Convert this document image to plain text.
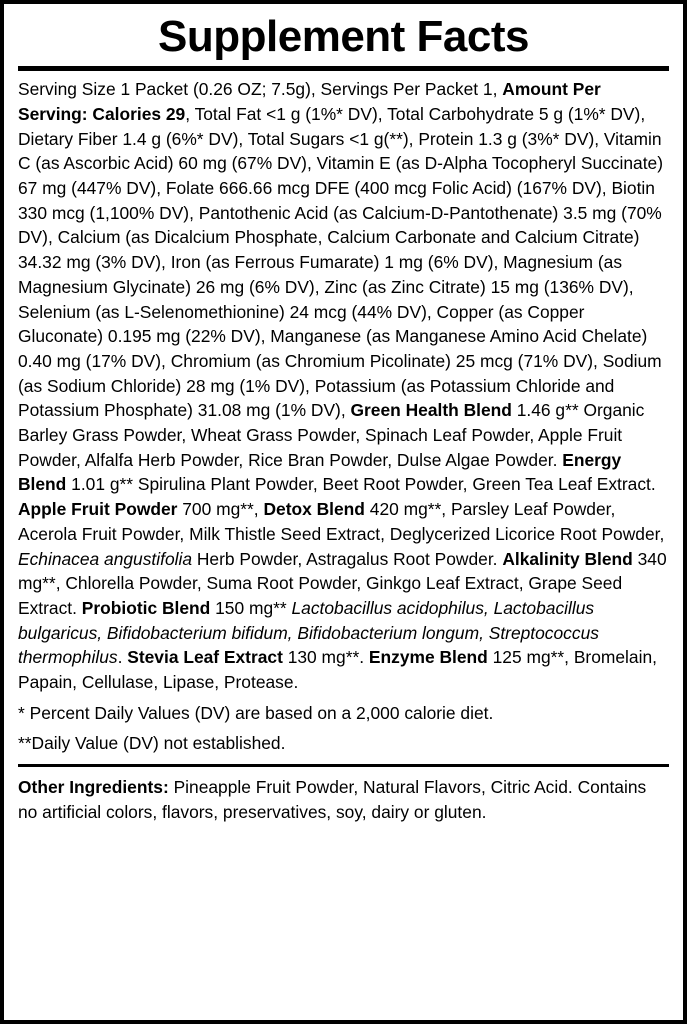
Supplement Facts
Serving Size 1 Packet (0.26 OZ; 7.5g), Servings Per Packet 1, Amount Per Serving: Calories 29, Total Fat <1 g (1%* DV), Total Carbohydrate 5 g (1%* DV), Dietary Fiber 1.4 g (6%* DV), Total Sugars <1 g(**), Protein 1.3 g (3%* DV), Vitamin C (as Ascorbic Acid) 60 mg (67% DV), Vitamin E (as D-Alpha Tocopheryl Succinate) 67 mg (447% DV), Folate 666.66 mcg DFE (400 mcg Folic Acid) (167% DV), Biotin 330 mcg (1,100% DV), Pantothenic Acid (as Calcium-D-Pantothenate) 3.5 mg (70% DV), Calcium (as Dicalcium Phosphate, Calcium Carbonate and Calcium Citrate) 34.32 mg (3% DV), Iron (as Ferrous Fumarate) 1 mg (6% DV), Magnesium (as Magnesium Glycinate) 26 mg (6% DV), Zinc (as Zinc Citrate) 15 mg (136% DV), Selenium (as L-Selenomethionine) 24 mcg (44% DV), Copper (as Copper Gluconate) 0.195 mg (22% DV), Manganese (as Manganese Amino Acid Chelate) 0.40 mg (17% DV), Chromium (as Chromium Picolinate) 25 mcg (71% DV), Sodium (as Sodium Chloride) 28 mg (1% DV), Potassium (as Potassium Chloride and Potassium Phosphate) 31.08 mg (1% DV), Green Health Blend 1.46 g** Organic Barley Grass Powder, Wheat Grass Powder, Spinach Leaf Powder, Apple Fruit Powder, Alfalfa Herb Powder, Rice Bran Powder, Dulse Algae Powder. Energy Blend 1.01 g** Spirulina Plant Powder, Beet Root Powder, Green Tea Leaf Extract. Apple Fruit Powder 700 mg**, Detox Blend 420 mg**, Parsley Leaf Powder, Acerola Fruit Powder, Milk Thistle Seed Extract, Deglycerized Licorice Root Powder, Echinacea angustifolia Herb Powder, Astragalus Root Powder. Alkalinity Blend 340 mg**, Chlorella Powder, Suma Root Powder, Ginkgo Leaf Extract, Grape Seed Extract. Probiotic Blend 150 mg** Lactobacillus acidophilus, Lactobacillus bulgaricus, Bifidobacterium bifidum, Bifidobacterium longum, Streptococcus thermophilus. Stevia Leaf Extract 130 mg**. Enzyme Blend 125 mg**, Bromelain, Papain, Cellulase, Lipase, Protease.
* Percent Daily Values (DV) are based on a 2,000 calorie diet.
**Daily Value (DV) not established.
Other Ingredients: Pineapple Fruit Powder, Natural Flavors, Citric Acid. Contains no artificial colors, flavors, preservatives, soy, dairy or gluten.
